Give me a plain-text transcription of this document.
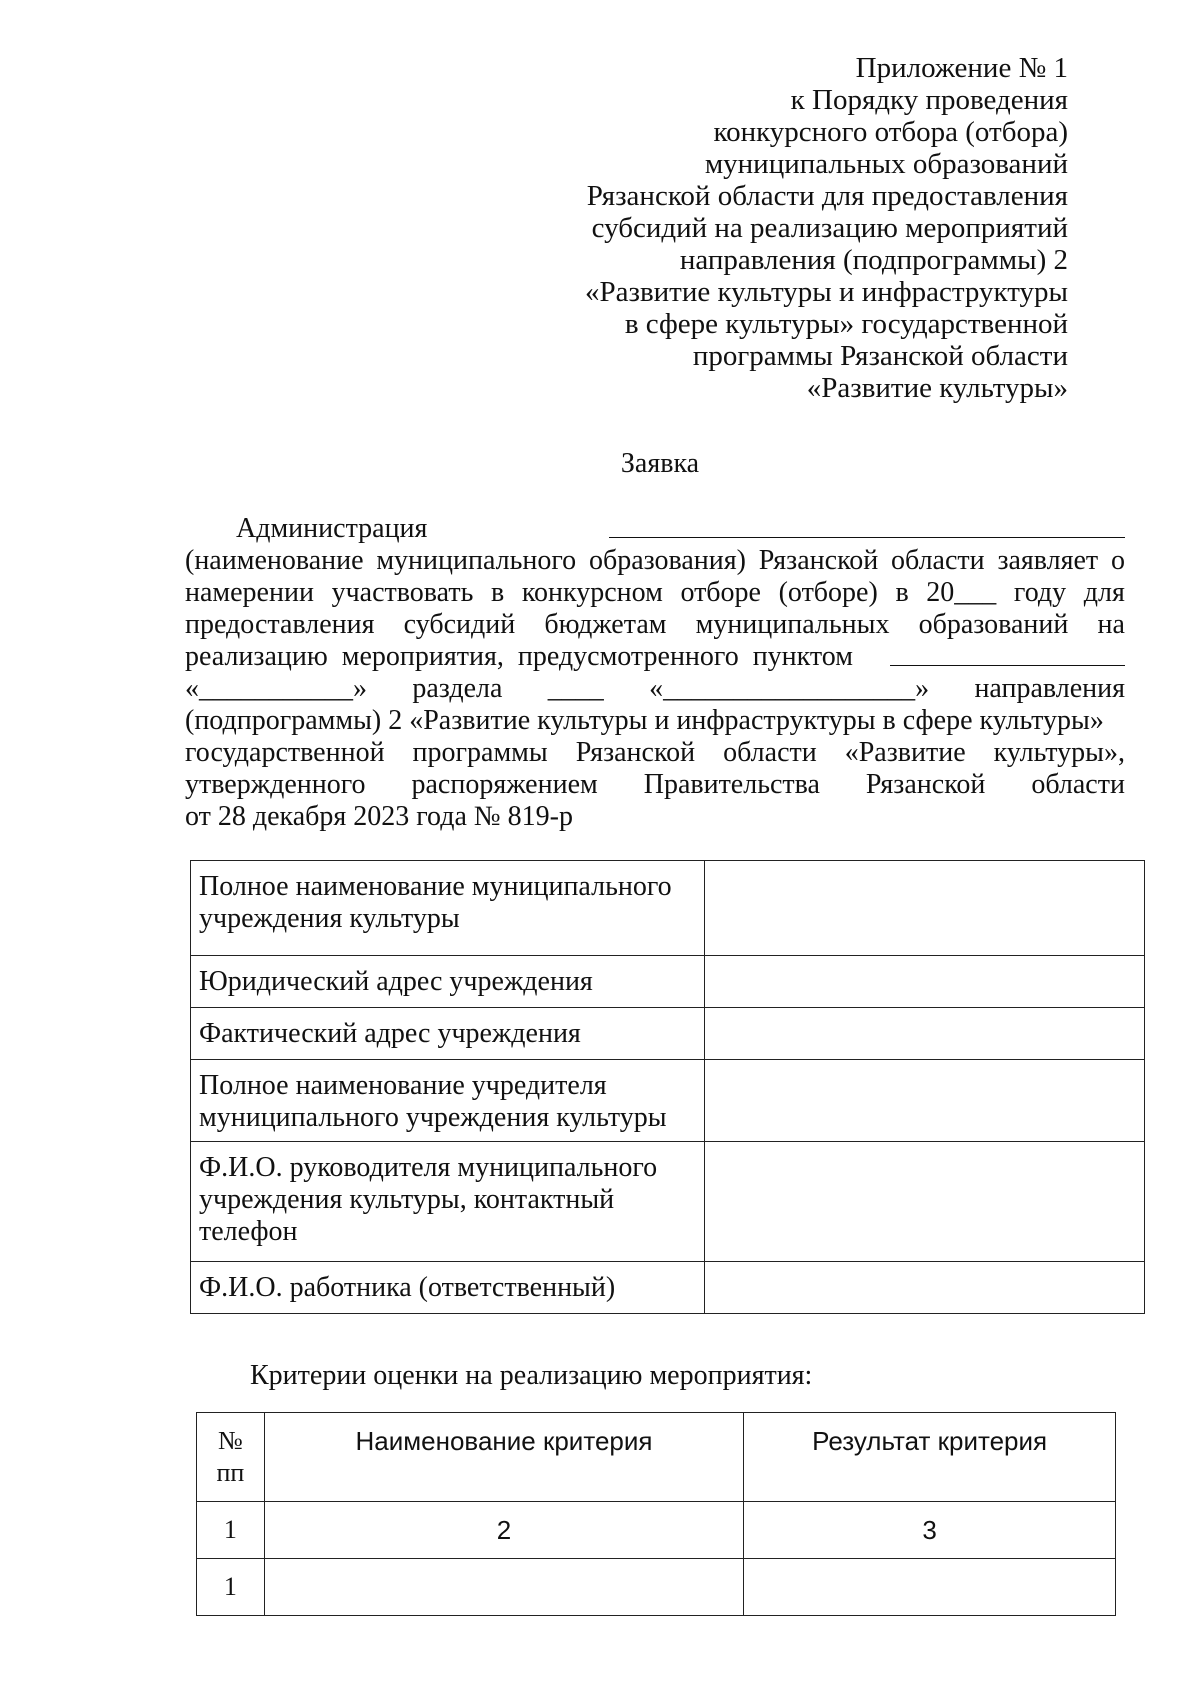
Приложение № 1
к Порядку проведения
конкурсного отбора (отбора)
муниципальных образований
Рязанской области для предоставления
субсидий на реализацию мероприятий
направления (подпрограммы) 2
«Развитие культуры и инфраструктуры
в сфере культуры» государственной
программы Рязанской области
«Развитие культуры»
Заявка
Администрация
(наименование муниципального образования) Рязанской области заявляет о
намерении участвовать в конкурсном отборе (отборе) в 20___ году для
предоставления субсидий бюджетам муниципальных образований на
реализацию  мероприятия,  предусмотренного  пунктом
«___________» раздела ____ «__________________» направления
(подпрограммы) 2 «Развитие культуры и инфраструктуры в сфере культуры»
государственной программы Рязанской области «Развитие культуры»,
утвержденного распоряжением Правительства Рязанской области
от 28 декабря 2023 года № 819-р
Полное наименование муниципального учреждения культуры	
Юридический адрес учреждения	
Фактический адрес учреждения	
Полное наименование учредителя муниципального учреждения культуры	
Ф.И.О. руководителя муниципального учреждения культуры, контактный телефон	
Ф.И.О. работника (ответственный)	
Критерии оценки на реализацию мероприятия:
№ пп	Наименование критерия	Результат критерия
1	2	3
1		
